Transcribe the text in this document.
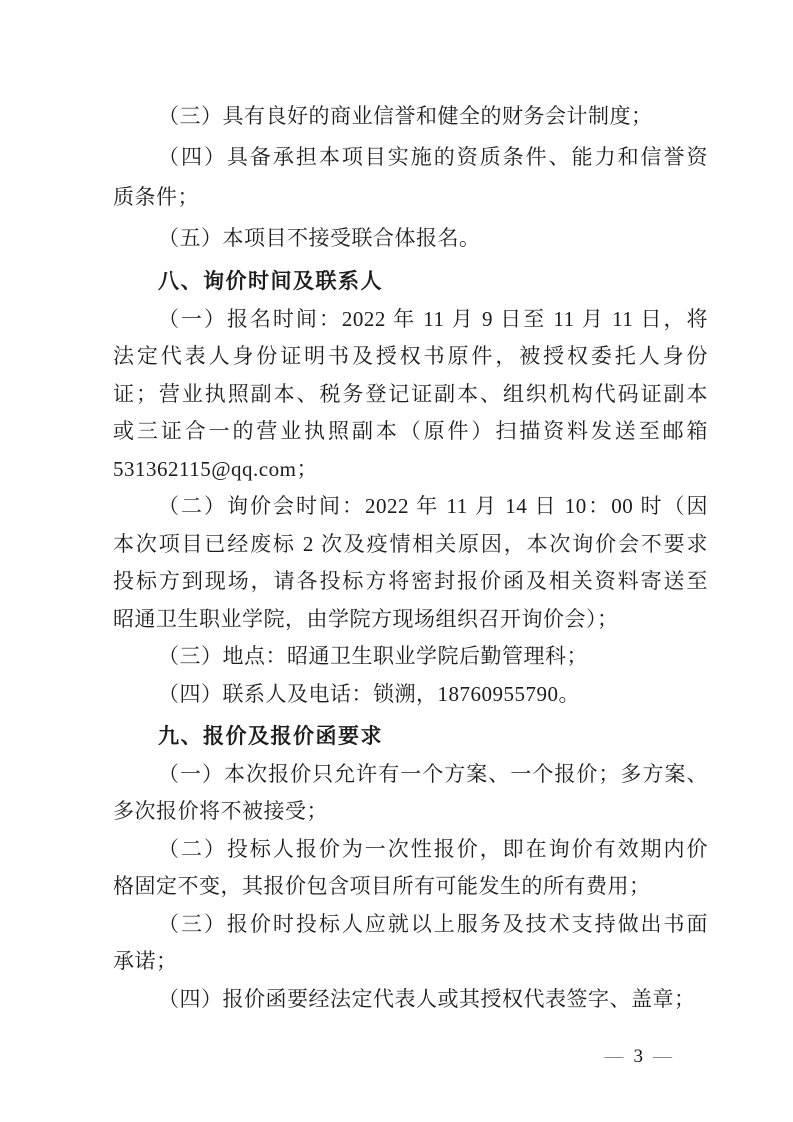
（三）具有良好的商业信誉和健全的财务会计制度；
（四）具备承担本项目实施的资质条件、能力和信誉资
质条件；
（五）本项目不接受联合体报名。
八、询价时间及联系人
（一）报名时间：2022 年 11 月 9 日至 11 月 11 日，将
法定代表人身份证明书及授权书原件，被授权委托人身份
证；营业执照副本、税务登记证副本、组织机构代码证副本
或三证合一的营业执照副本（原件）扫描资料发送至邮箱
531362115@qq.com；
（二）询价会时间：2022 年 11 月 14 日 10：00 时（因
本次项目已经废标 2 次及疫情相关原因，本次询价会不要求
投标方到现场，请各投标方将密封报价函及相关资料寄送至
昭通卫生职业学院，由学院方现场组织召开询价会）；
（三）地点：昭通卫生职业学院后勤管理科；
（四）联系人及电话：锁溯，18760955790。
九、报价及报价函要求
（一）本次报价只允许有一个方案、一个报价；多方案、
多次报价将不被接受；
（二）投标人报价为一次性报价，即在询价有效期内价
格固定不变，其报价包含项目所有可能发生的所有费用；
（三）报价时投标人应就以上服务及技术支持做出书面
承诺；
（四）报价函要经法定代表人或其授权代表签字、盖章；
— 3 —
